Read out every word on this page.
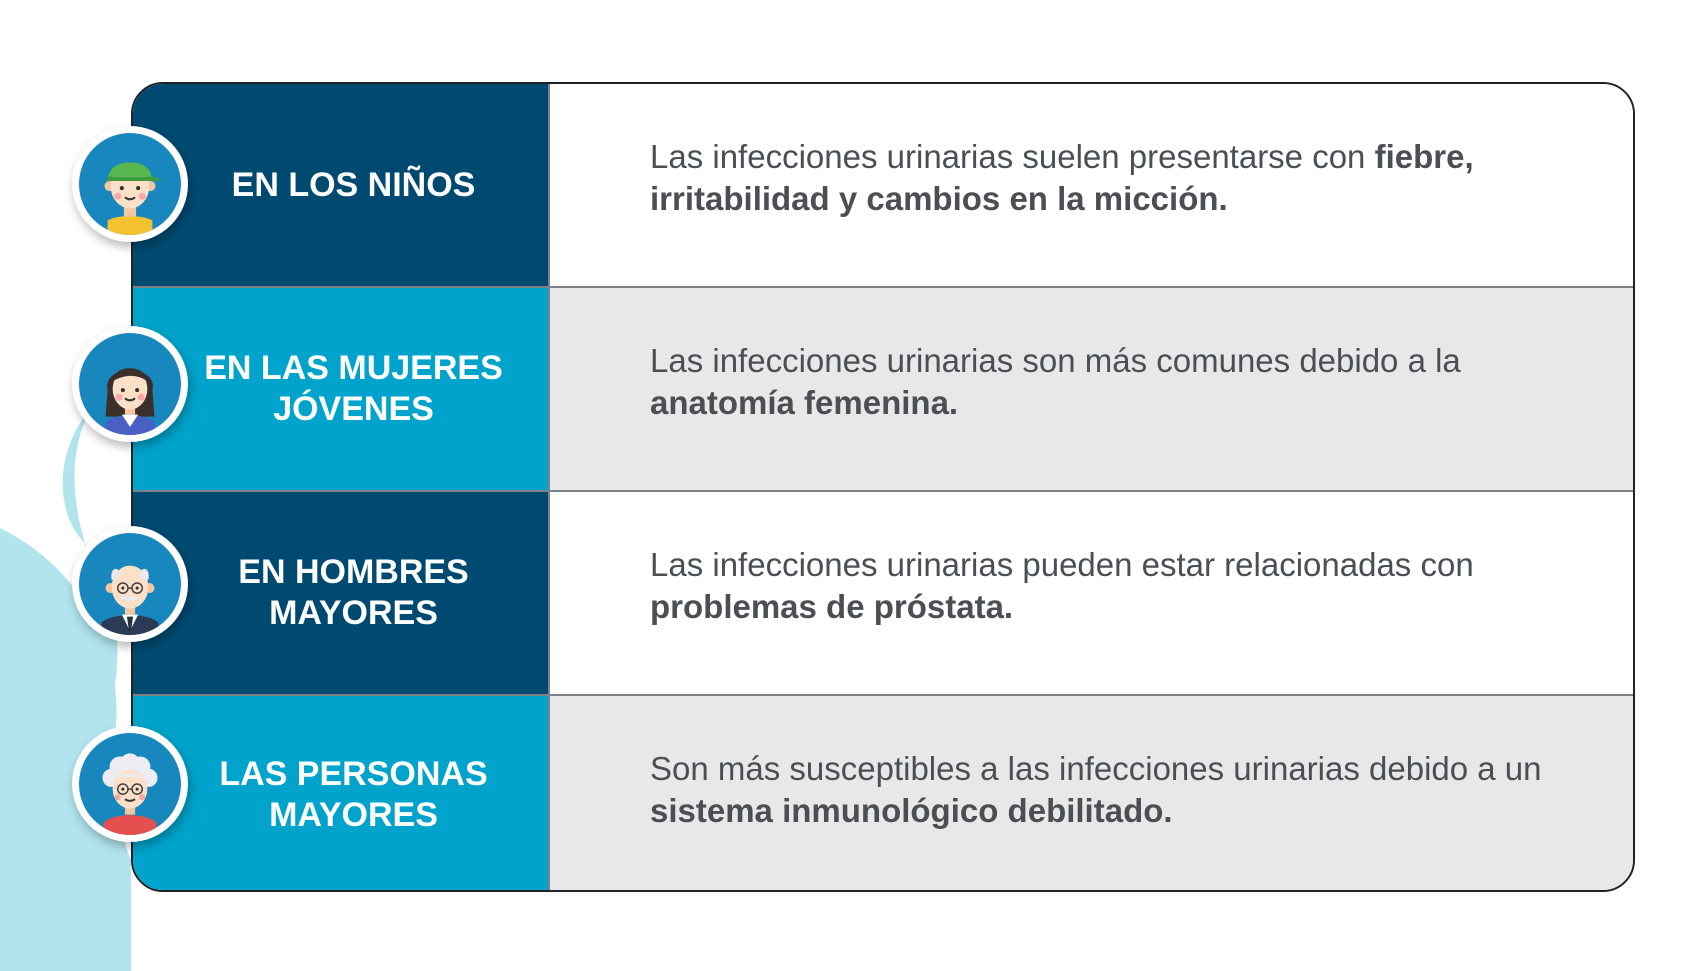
EN LOS NIÑOS
Las infecciones urinarias suelen presentarse con fiebre, irritabilidad y cambios en la micción.
EN LAS MUJERES JÓVENES
Las infecciones urinarias son más comunes debido a la anatomía femenina.
EN HOMBRES MAYORES
Las infecciones urinarias pueden estar relacionadas con problemas de próstata.
LAS PERSONAS MAYORES
Son más susceptibles a las infecciones urinarias debido a un sistema inmunológico debilitado.
